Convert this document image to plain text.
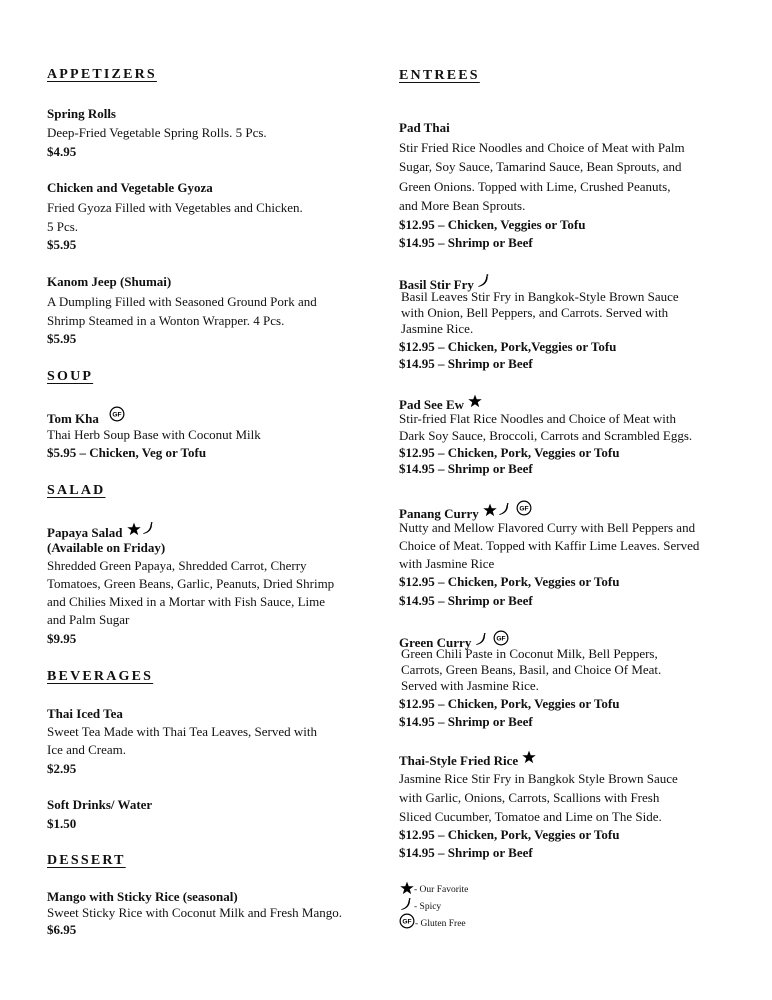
APPETIZERS
Spring Rolls
Deep-Fried Vegetable Spring Rolls. 5 Pcs.
$4.95
Chicken and Vegetable Gyoza
Fried Gyoza Filled with Vegetables and Chicken.
5 Pcs.
$5.95
Kanom Jeep (Shumai)
A Dumpling Filled with Seasoned Ground Pork and
Shrimp Steamed in a Wonton Wrapper. 4 Pcs.
$5.95
SOUP
Tom Kha
Thai Herb Soup Base with Coconut Milk
$5.95 – Chicken, Veg or Tofu
SALAD
Papaya Salad
(Available on Friday)
Shredded Green Papaya, Shredded Carrot, Cherry
Tomatoes, Green Beans, Garlic, Peanuts, Dried Shrimp
and Chilies Mixed in a Mortar with Fish Sauce, Lime
and Palm Sugar
$9.95
BEVERAGES
Thai Iced Tea
Sweet Tea Made with Thai Tea Leaves, Served with
Ice and Cream.
$2.95
Soft Drinks/ Water
$1.50
DESSERT
Mango with Sticky Rice (seasonal)
Sweet Sticky Rice with Coconut Milk and Fresh Mango.
$6.95
ENTREES
Pad Thai
Stir Fried Rice Noodles and Choice of Meat with Palm
Sugar, Soy Sauce, Tamarind Sauce, Bean Sprouts, and
Green Onions. Topped with Lime, Crushed Peanuts,
and More Bean Sprouts.
$12.95 – Chicken, Veggies or Tofu
$14.95 – Shrimp or Beef
Basil Stir Fry
Basil Leaves Stir Fry in Bangkok-Style Brown Sauce
with Onion, Bell Peppers, and Carrots. Served with
Jasmine Rice.
$12.95 – Chicken, Pork,Veggies or Tofu
$14.95 – Shrimp or Beef
Pad See Ew
Stir-fried Flat Rice Noodles and Choice of Meat with
Dark Soy Sauce, Broccoli, Carrots and Scrambled Eggs.
$12.95 – Chicken, Pork, Veggies or Tofu
$14.95 – Shrimp or Beef
Panang Curry
Nutty and Mellow Flavored Curry with Bell Peppers and
Choice of Meat. Topped with Kaffir Lime Leaves. Served
with Jasmine Rice
$12.95 – Chicken, Pork, Veggies or Tofu
$14.95 – Shrimp or Beef
Green Curry
Green Chili Paste in Coconut Milk, Bell Peppers,
Carrots, Green Beans, Basil, and Choice Of Meat.
Served with Jasmine Rice.
$12.95 – Chicken, Pork, Veggies or Tofu
$14.95 – Shrimp or Beef
Thai-Style Fried Rice
Jasmine Rice Stir Fry in Bangkok Style Brown Sauce
with Garlic, Onions, Carrots, Scallions with Fresh
Sliced Cucumber, Tomatoe and Lime on The Side.
$12.95 – Chicken, Pork, Veggies or Tofu
$14.95 – Shrimp or Beef
- Our Favorite
- Spicy
- Gluten Free
